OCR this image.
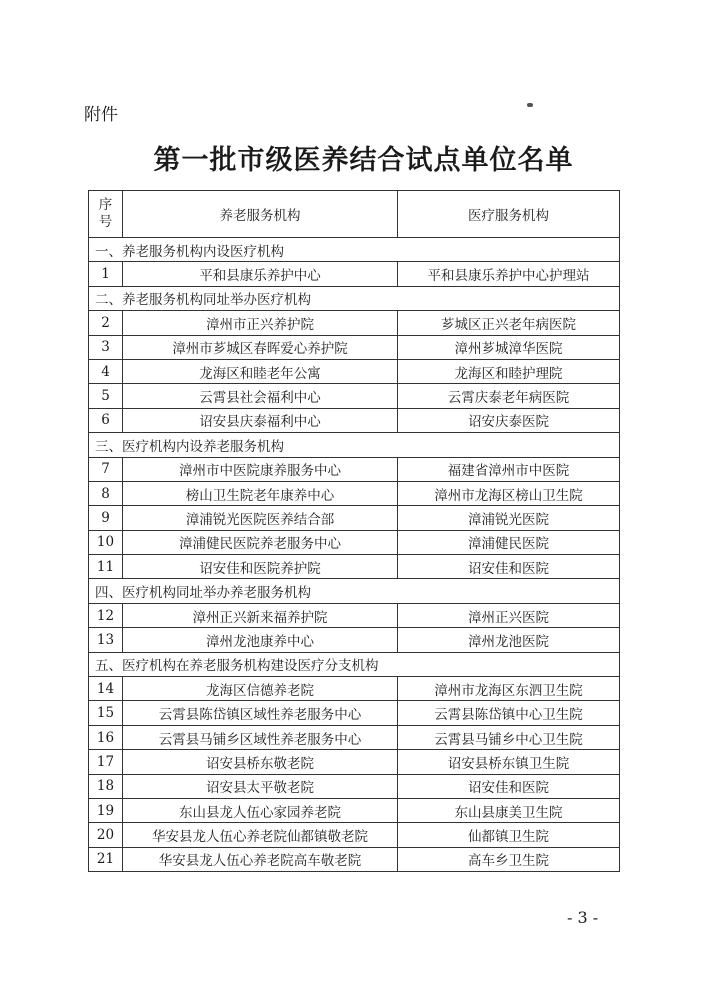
附件
第一批市级医养结合试点单位名单
序
号	养老服务机构	医疗服务机构
一、养老服务机构内设医疗机构		
1	平和县康乐养护中心	平和县康乐养护中心护理站
二、养老服务机构同址举办医疗机构		
2	漳州市正兴养护院	芗城区正兴老年病医院
3	漳州市芗城区春晖爱心养护院	漳州芗城漳华医院
4	龙海区和睦老年公寓	龙海区和睦护理院
5	云霄县社会福利中心	云霄庆泰老年病医院
6	诏安县庆泰福利中心	诏安庆泰医院
三、医疗机构内设养老服务机构		
7	漳州市中医院康养服务中心	福建省漳州市中医院
8	榜山卫生院老年康养中心	漳州市龙海区榜山卫生院
9	漳浦锐光医院医养结合部	漳浦锐光医院
10	漳浦健民医院养老服务中心	漳浦健民医院
11	诏安佳和医院养护院	诏安佳和医院
四、医疗机构同址举办养老服务机构		
12	漳州正兴新来福养护院	漳州正兴医院
13	漳州龙池康养中心	漳州龙池医院
五、医疗机构在养老服务机构建设医疗分支机构		
14	龙海区信德养老院	漳州市龙海区东泗卫生院
15	云霄县陈岱镇区域性养老服务中心	云霄县陈岱镇中心卫生院
16	云霄县马铺乡区域性养老服务中心	云霄县马铺乡中心卫生院
17	诏安县桥东敬老院	诏安县桥东镇卫生院
18	诏安县太平敬老院	诏安佳和医院
19	东山县龙人伍心家园养老院	东山县康美卫生院
20	华安县龙人伍心养老院仙都镇敬老院	仙都镇卫生院
21	华安县龙人伍心养老院高车敬老院	高车乡卫生院
- 3 -
